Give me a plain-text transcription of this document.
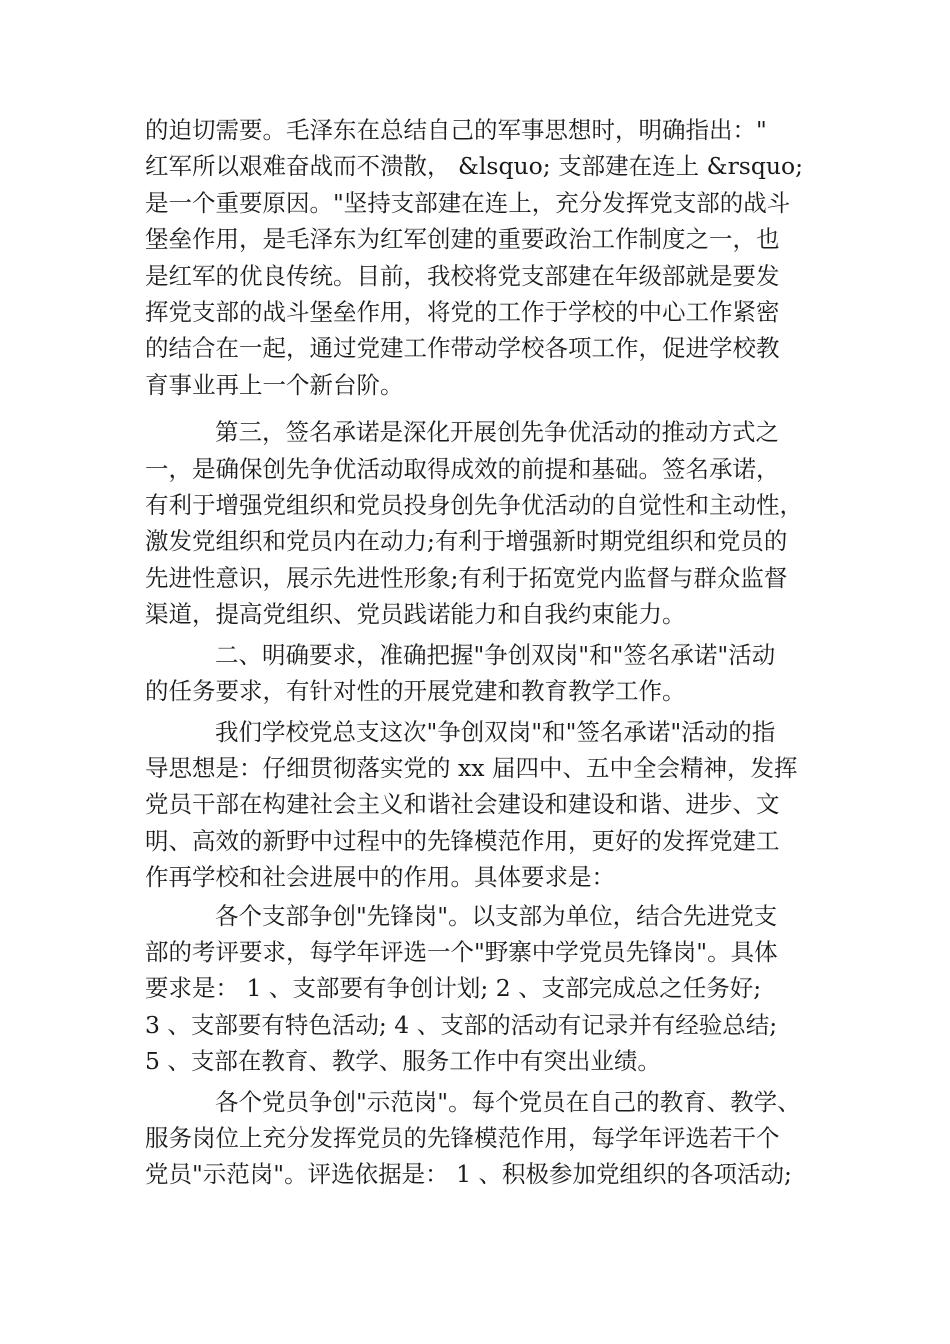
的迫切需要。毛泽东在总结自己的军事思想时，明确指出："
红军所以艰难奋战而不溃散， &lsquo; 支部建在连上 &rsquo;
是一个重要原因。"坚持支部建在连上，充分发挥党支部的战斗
堡垒作用，是毛泽东为红军创建的重要政治工作制度之一，也
是红军的优良传统。目前，我校将党支部建在年级部就是要发
挥党支部的战斗堡垒作用，将党的工作于学校的中心工作紧密
的结合在一起，通过党建工作带动学校各项工作，促进学校教
育事业再上一个新台阶。
第三，签名承诺是深化开展创先争优活动的推动方式之
一，是确保创先争优活动取得成效的前提和基础。签名承诺，
有利于增强党组织和党员投身创先争优活动的自觉性和主动性，
激发党组织和党员内在动力;有利于增强新时期党组织和党员的
先进性意识，展示先进性形象;有利于拓宽党内监督与群众监督
渠道，提高党组织、党员践诺能力和自我约束能力。
二、明确要求，准确把握"争创双岗"和"签名承诺"活动
的任务要求，有针对性的开展党建和教育教学工作。
我们学校党总支这次"争创双岗"和"签名承诺"活动的指
导思想是：仔细贯彻落实党的 xx 届四中、五中全会精神，发挥
党员干部在构建社会主义和谐社会建设和建设和谐、进步、文
明、高效的新野中过程中的先锋模范作用，更好的发挥党建工
作再学校和社会进展中的作用。具体要求是：
各个支部争创"先锋岗"。以支部为单位，结合先进党支
部的考评要求，每学年评选一个"野寨中学党员先锋岗"。具体
要求是： 1 、支部要有争创计划; 2 、支部完成总之任务好;
3 、支部要有特色活动; 4 、支部的活动有记录并有经验总结;
5 、支部在教育、教学、服务工作中有突出业绩。
各个党员争创"示范岗"。每个党员在自己的教育、教学、
服务岗位上充分发挥党员的先锋模范作用，每学年评选若干个
党员"示范岗"。评选依据是： 1 、积极参加党组织的各项活动;
